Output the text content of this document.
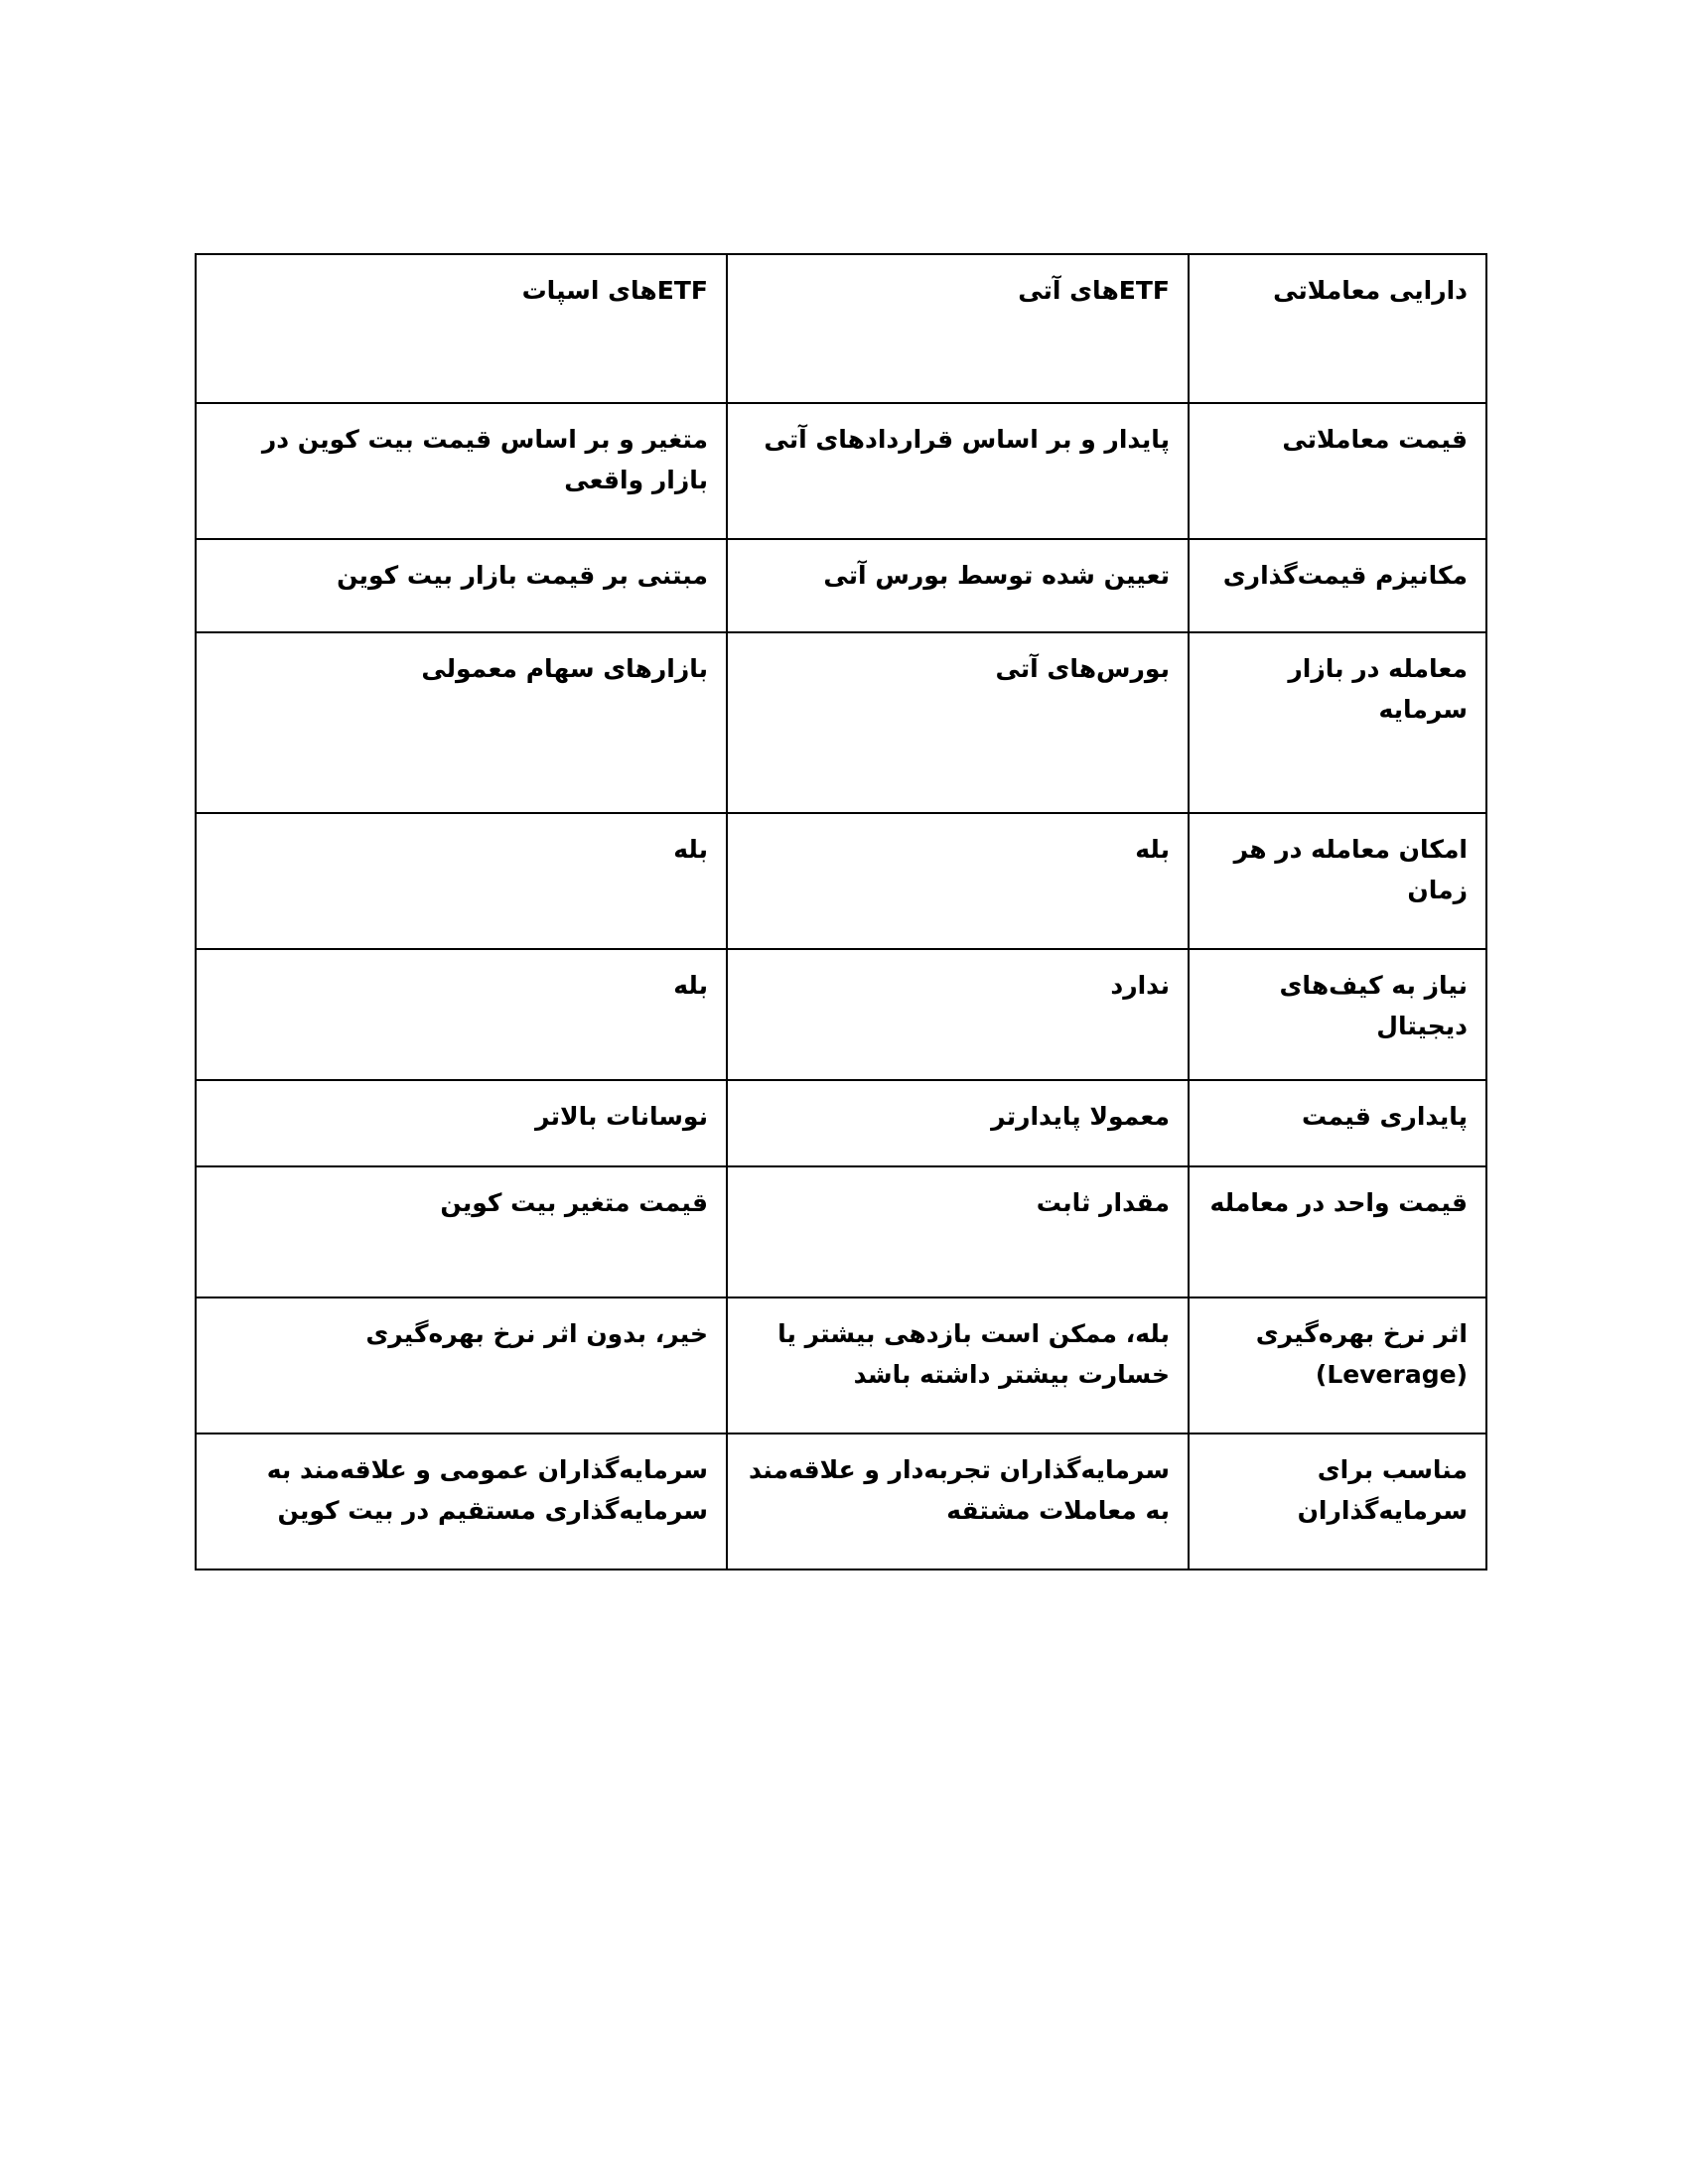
دارایی معاملاتی	ETFهای آتی	ETFهای اسپات

قیمت معاملاتی	پایدار و بر اساس قراردادهای آتی	متغیر و بر اساس قیمت بیت کوین در بازار واقعی

مکانیزم قیمت‌گذاری	تعیین شده توسط بورس آتی	مبتنی بر قیمت بازار بیت کوین

معامله در بازار سرمایه	بورس‌های آتی	بازارهای سهام معمولی

امکان معامله در هر زمان	بله	بله

نیاز به کیف‌های دیجیتال	ندارد	بله

پایداری قیمت	معمولا پایدارتر	نوسانات بالاتر

قیمت واحد در معامله	مقدار ثابت	قیمت متغیر بیت کوین

اثر نرخ بهره‌گیری (Leverage)	بله، ممکن است بازدهی بیشتر یا خسارت بیشتر داشته باشد	خیر، بدون اثر نرخ بهره‌گیری

مناسب برای سرمایه‌گذاران	سرمایه‌گذاران تجربه‌دار و علاقه‌مند به معاملات مشتقه	سرمایه‌گذاران عمومی و علاقه‌مند به سرمایه‌گذاری مستقیم در بیت کوین
